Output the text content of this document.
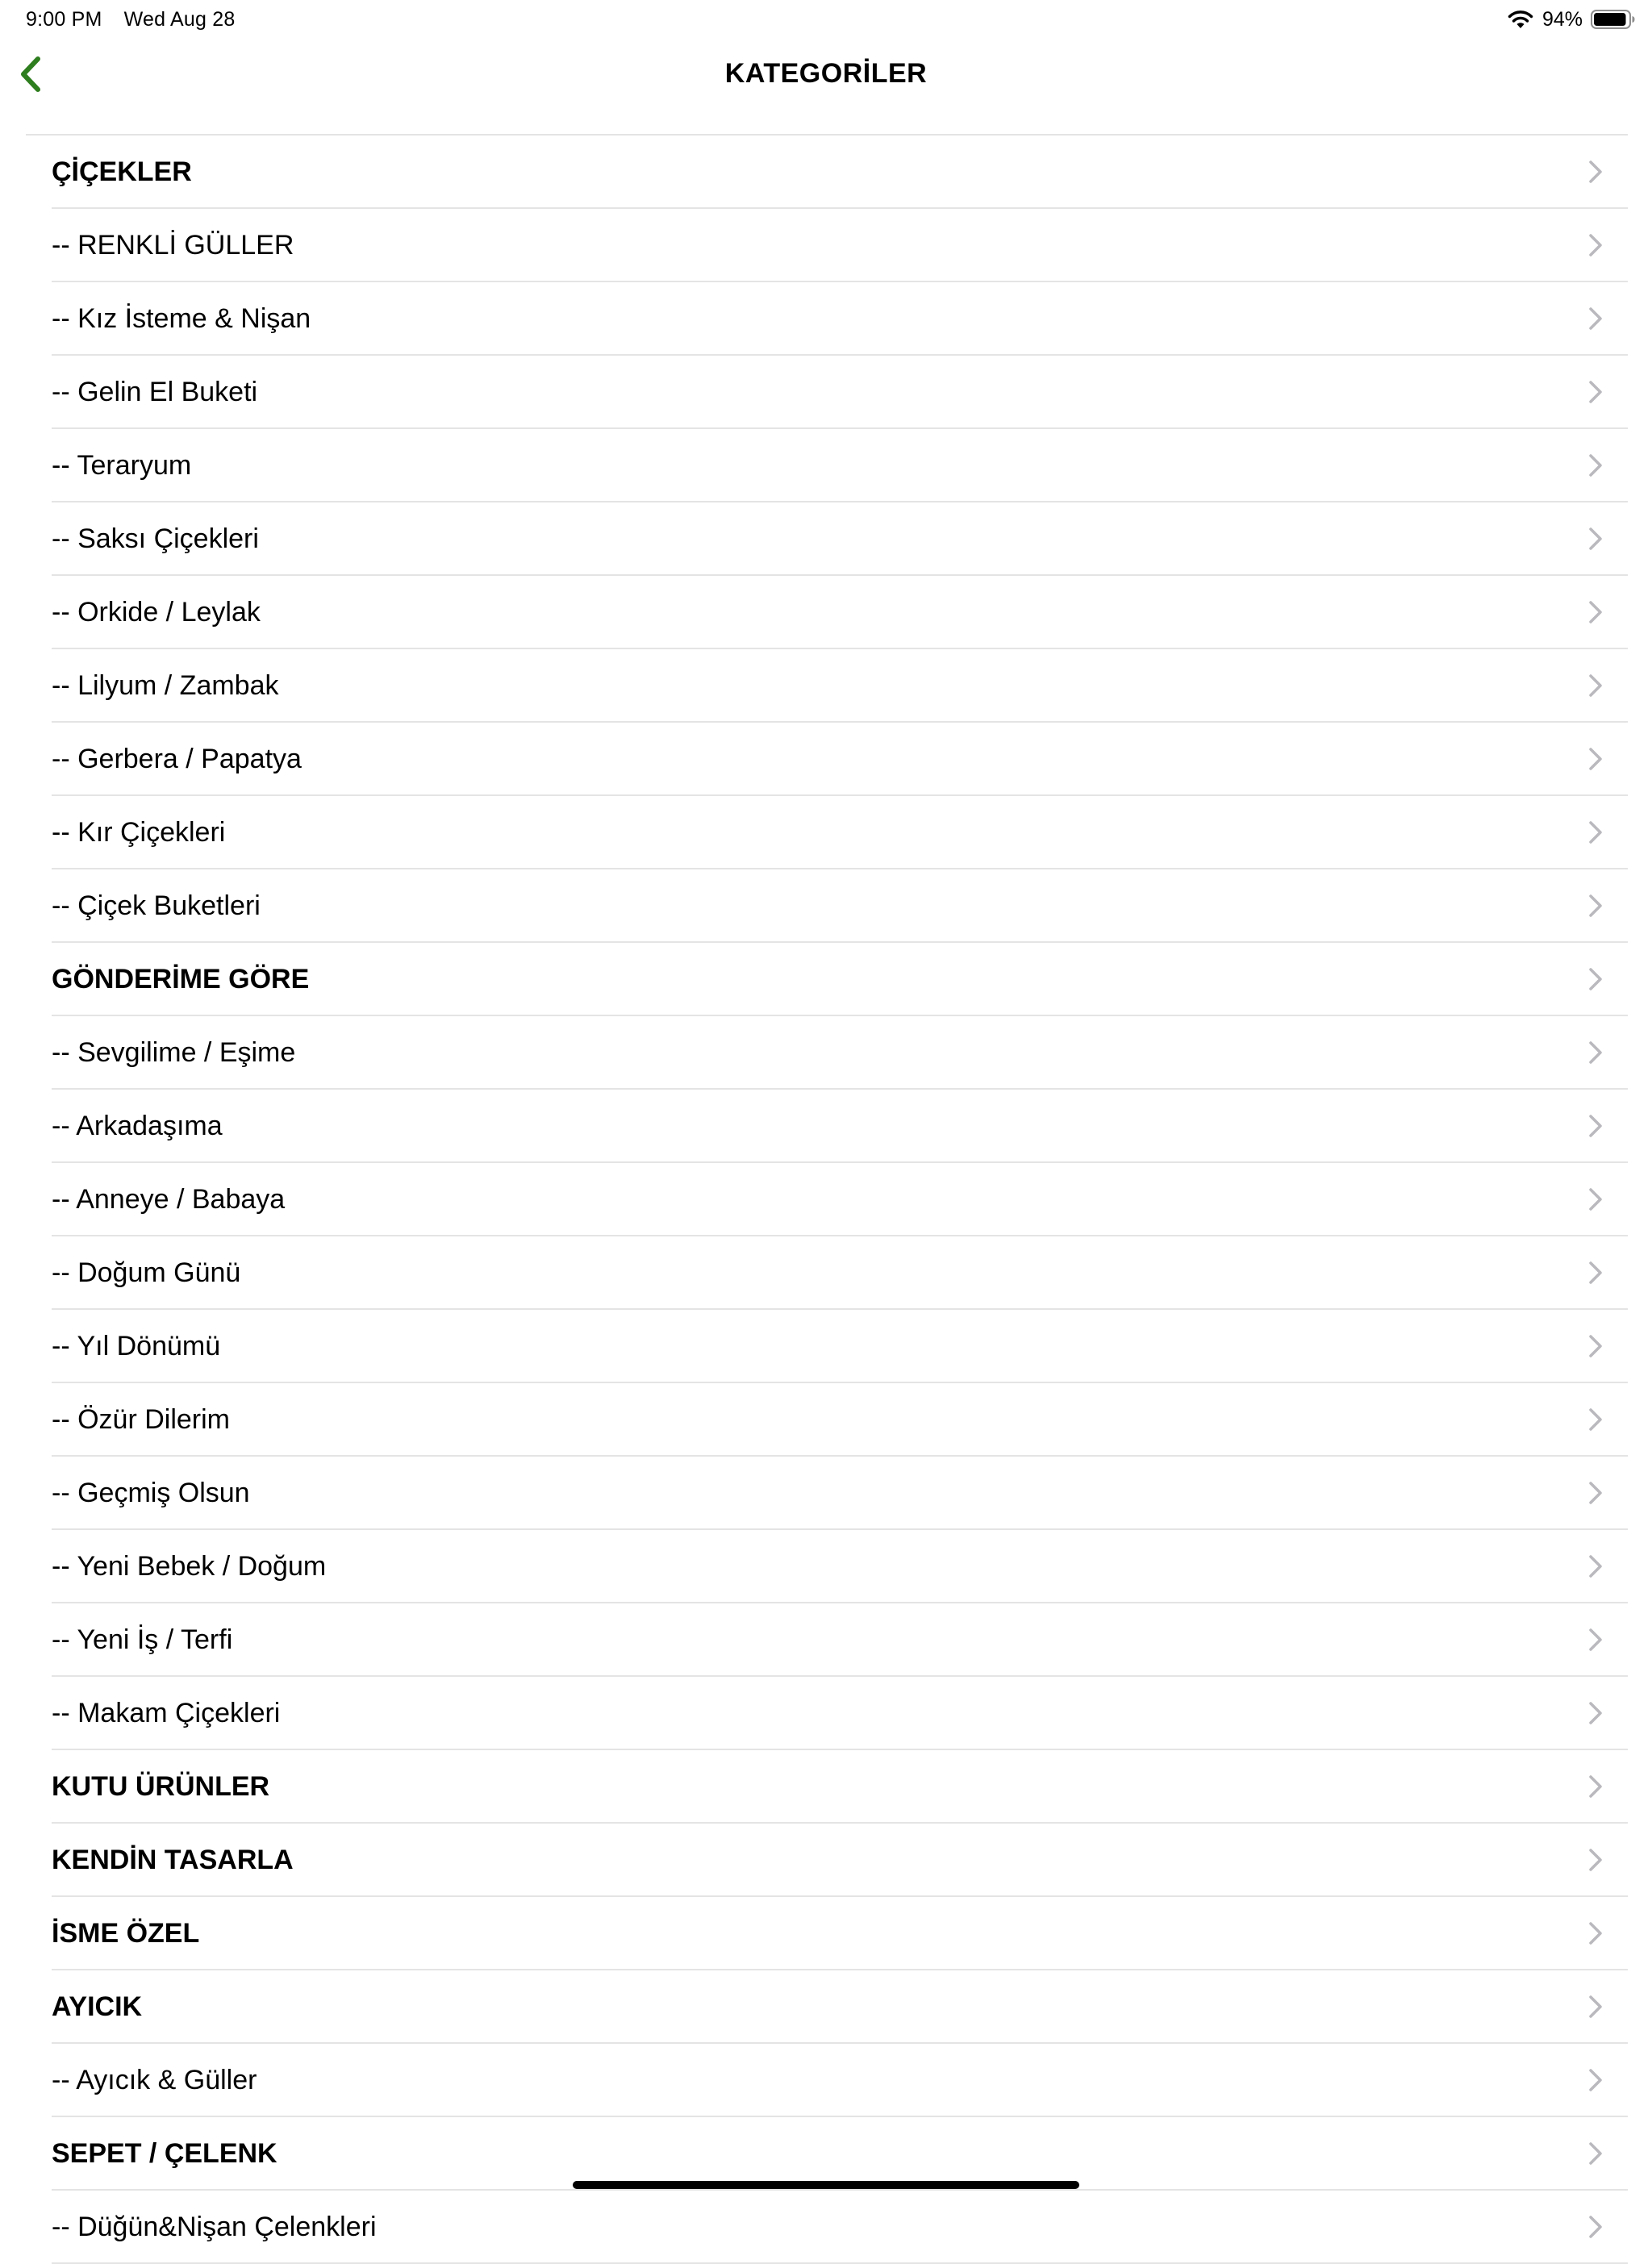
9:00 PM Wed Aug 28	94%
KATEGORİLER
ÇİÇEKLER
-- RENKLİ GÜLLER
-- Kız İsteme & Nişan
-- Gelin El Buketi
-- Teraryum
-- Saksı Çiçekleri
-- Orkide / Leylak
-- Lilyum / Zambak
-- Gerbera / Papatya
-- Kır Çiçekleri
-- Çiçek Buketleri
GÖNDERİME GÖRE
-- Sevgilime / Eşime
-- Arkadaşıma
-- Anneye / Babaya
-- Doğum Günü
-- Yıl Dönümü
-- Özür Dilerim
-- Geçmiş Olsun
-- Yeni Bebek / Doğum
-- Yeni İş / Terfi
-- Makam Çiçekleri
KUTU ÜRÜNLER
KENDİN TASARLA
İSME ÖZEL
AYICIK
-- Ayıcık & Güller
SEPET / ÇELENK
-- Düğün&Nişan Çelenkleri
